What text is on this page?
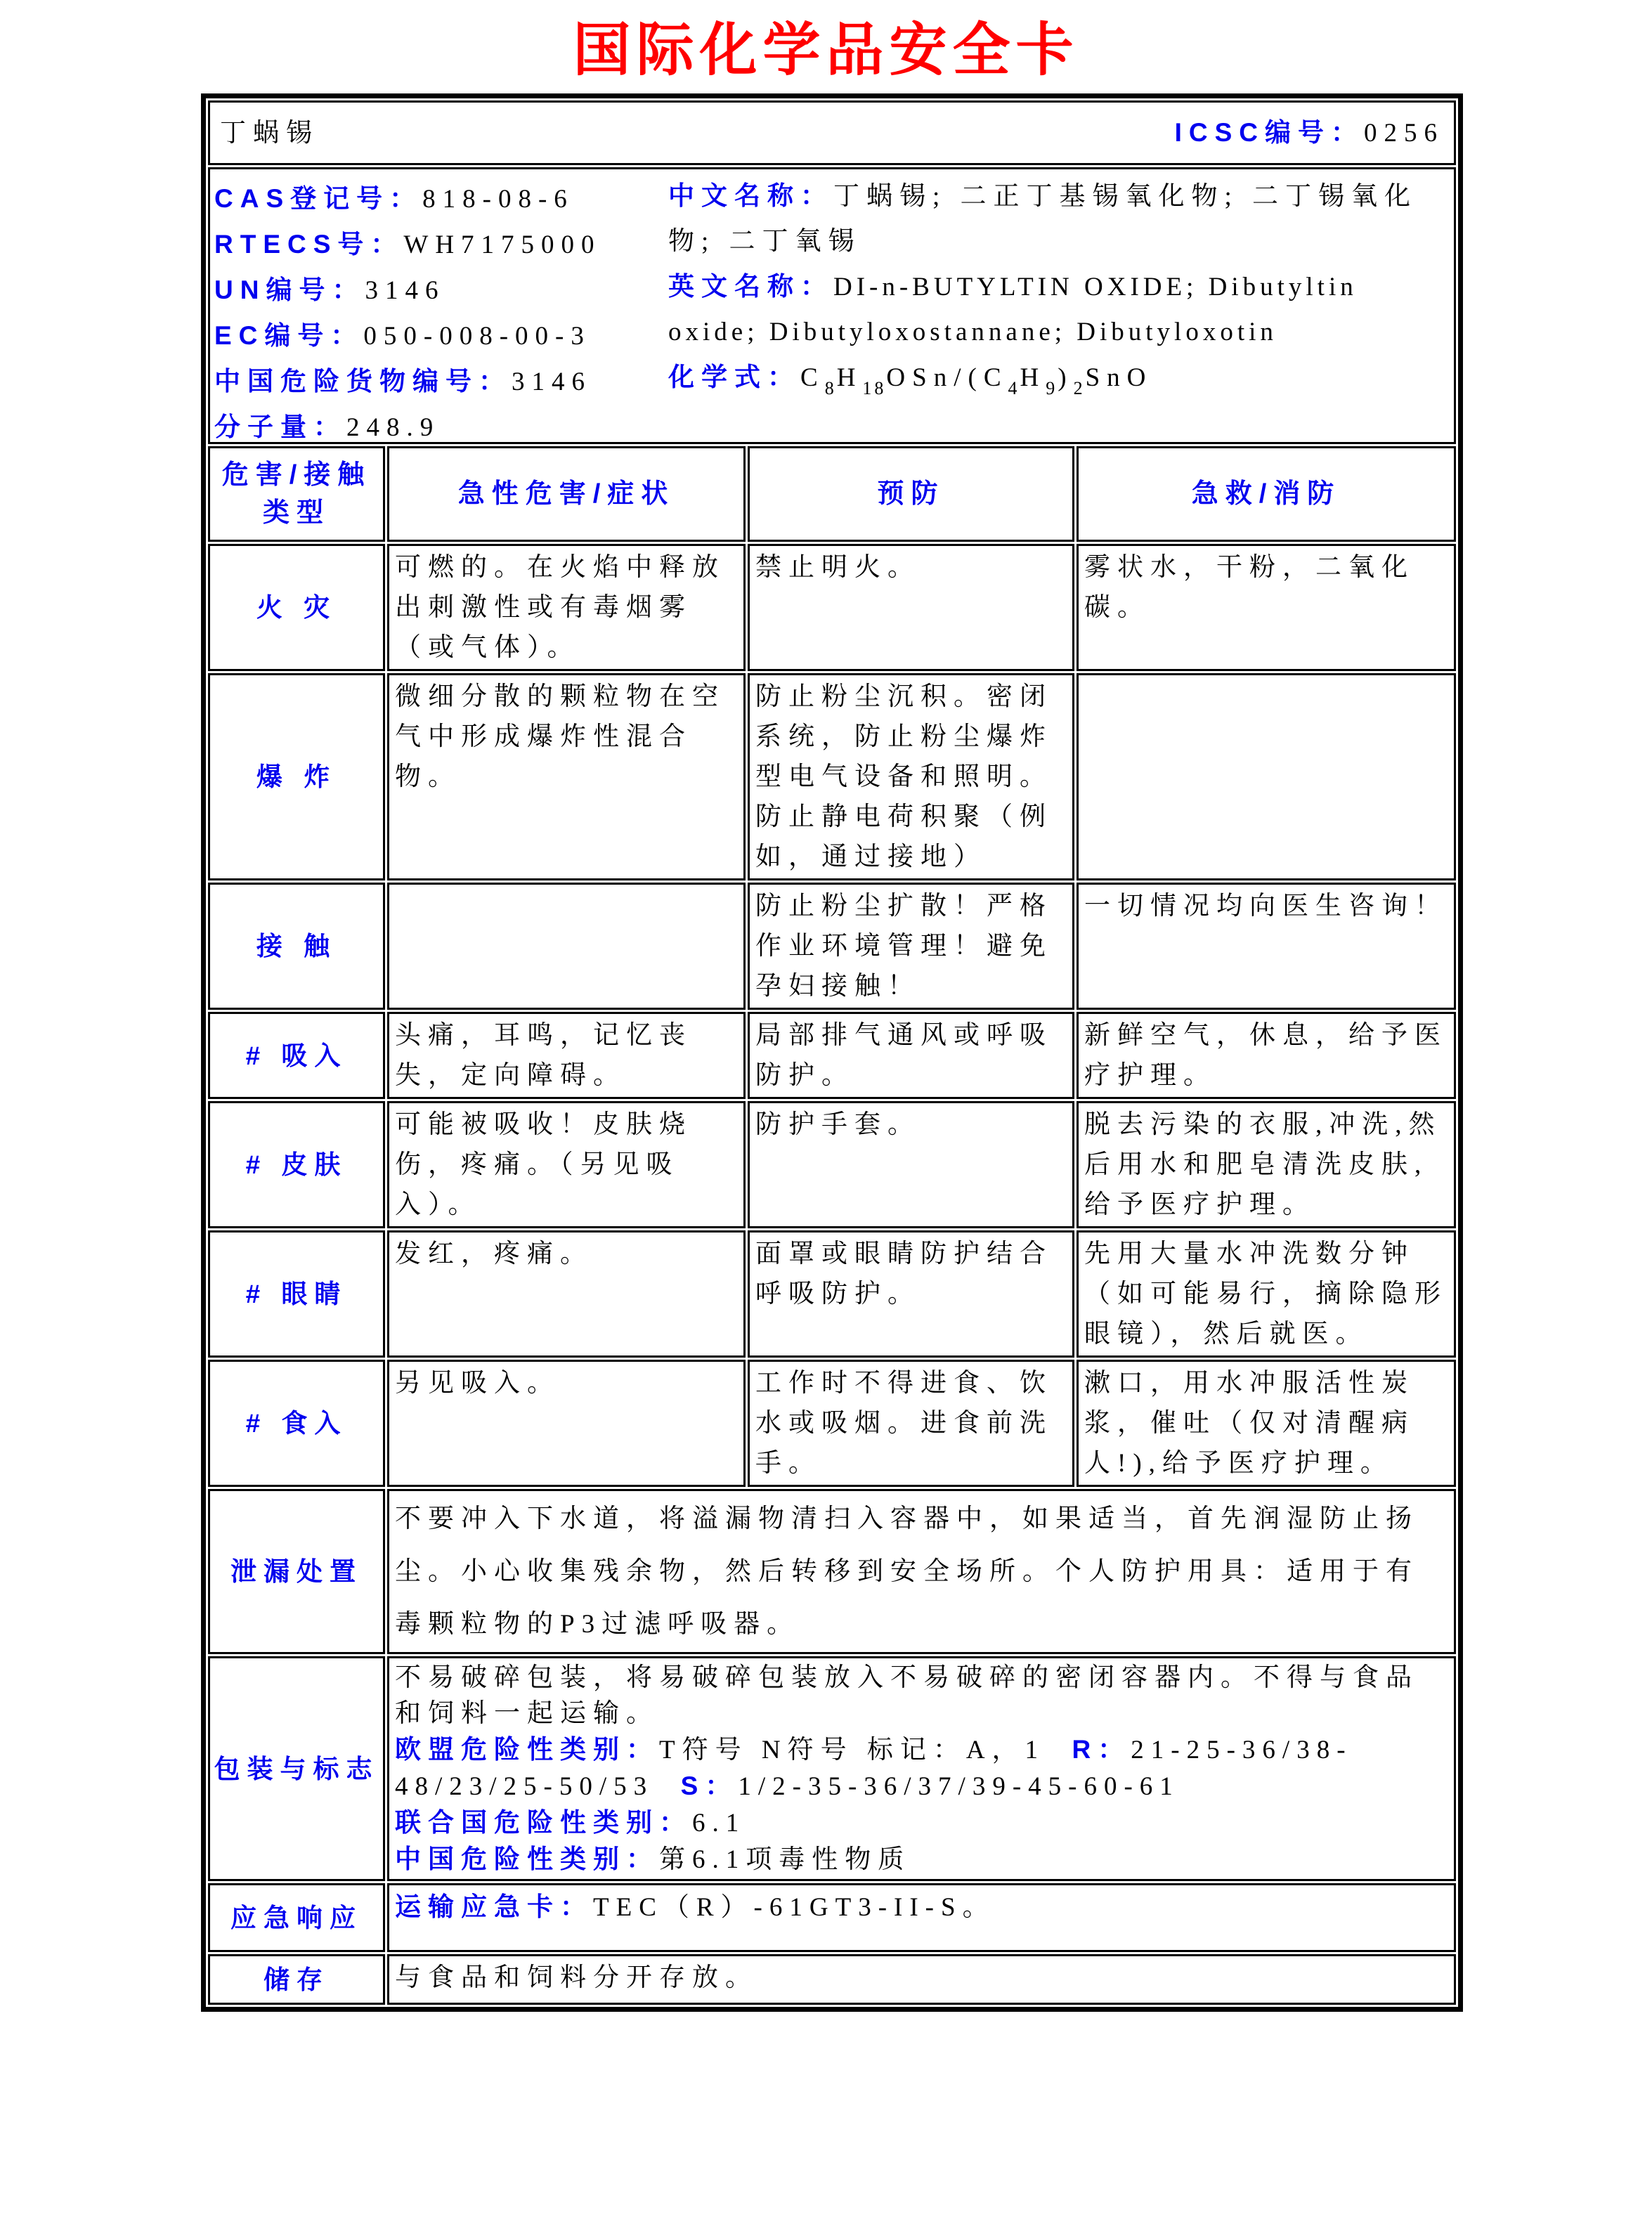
国际化学品安全卡
丁蜗锡 ICSC编号：0256			

CAS登记号：818-08-6
RTECS号：WH7175000
UN编号：3146
EC编号：050-008-00-3
中国危险货物编号：3146
分子量：248.9

中文名称：丁蜗锡; 二正丁基锡氧化物; 二丁锡氧化物; 二丁氧锡

英文名称：DI-n-BUTYLTIN OXIDE; Dibutyltin oxide; Dibutyloxostannane; Dibutyloxotin

化学式：$C_8H_{18}OSn/(C_4H_9)_2SnO$

危害/接触类型	急性危害/症状	预防	急救/消防
火 灾	可燃的。在火焰中释放出刺激性或有毒烟雾（或气体）。	禁止明火。	雾状水，干粉，二氧化碳。
爆 炸	微细分散的颗粒物在空气中形成爆炸性混合物。	防止粉尘沉积。密闭系统，防止粉尘爆炸型电气设备和照明。防止静电荷积聚（例如，通过接地）	
接 触		防止粉尘扩散！严格作业环境管理！避免孕妇接触！	一切情况均向医生咨询！
# 吸入	头痛，耳鸣，记忆丧失，定向障碍。	局部排气通风或呼吸防护。	新鲜空气，休息，给予医疗护理。
# 皮肤	可能被吸收！皮肤烧伤，疼痛。（另见吸入）。	防护手套。	脱去污染的衣服,冲洗,然后用水和肥皂清洗皮肤,给予医疗护理。
# 眼睛	发红，疼痛。	面罩或眼睛防护结合呼吸防护。	先用大量水冲洗数分钟（如可能易行，摘除隐形眼镜），然后就医。
# 食入	另见吸入。	工作时不得进食、饮水或吸烟。进食前洗手。	漱口，用水冲服活性炭浆，催吐（仅对清醒病人!),给予医疗护理。
泄漏处置	不要冲入下水道，将溢漏物清扫入容器中，如果适当，首先润湿防止扬尘。小心收集残余物，然后转移到安全场所。个人防护用具：适用于有毒颗粒物的P3过滤呼吸器。		
包装与标志	不易破碎包装，将易破碎包装放入不易破碎的密闭容器内。不得与食品和饲料一起运输。
欧盟危险性类别：T符号 N符号 标记：A，1 R：21-25-36/38-48/23/25-50/53 S：1/2-35-36/37/39-45-60-61
联合国危险性类别：6.1
中国危险性类别：第6.1项毒性物质		
应急响应	运输应急卡：TEC（R）-61GT3-II-S。		
储存	与食品和饲料分开存放。		
